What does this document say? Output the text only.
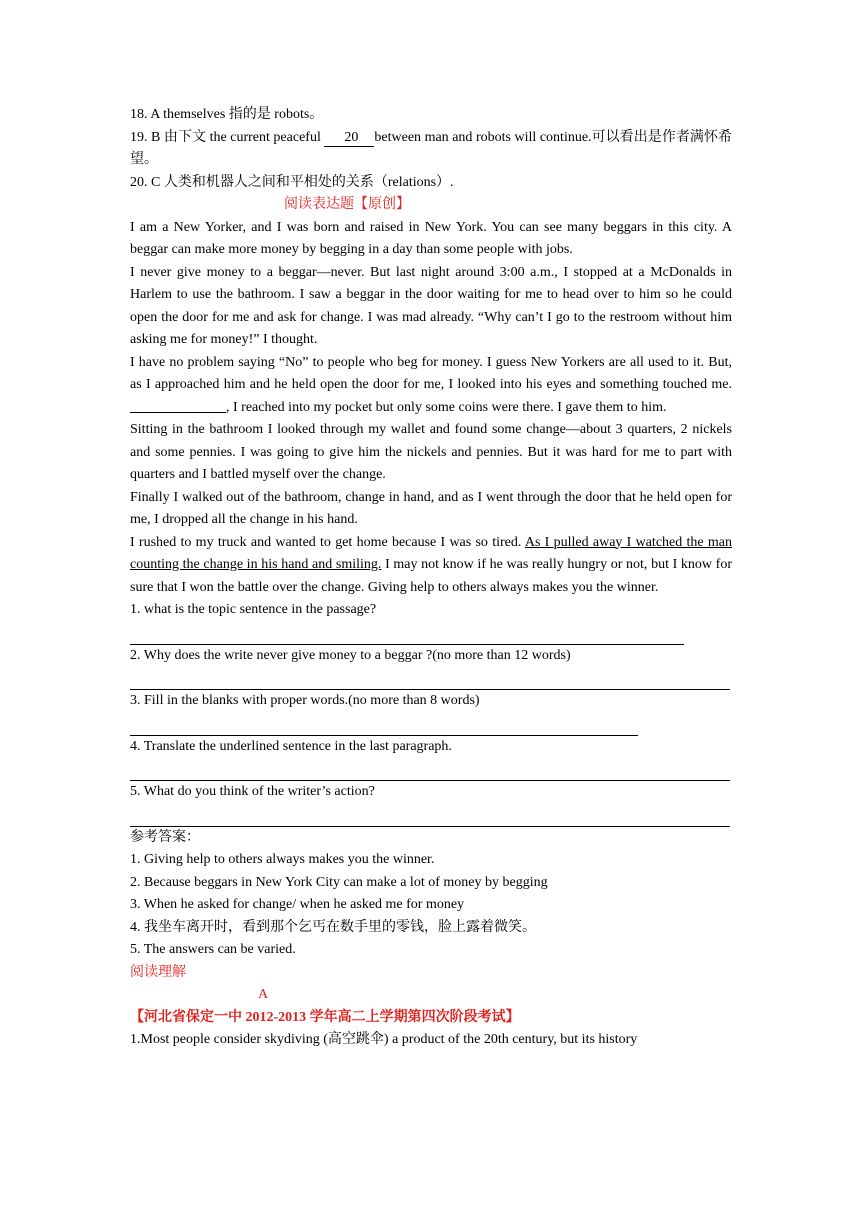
18. A themselves 指的是 robots。

19. B 由下文 the current peaceful 20 between man and robots will continue.可以看出是作者满怀希望。

20. C 人类和机器人之间和平相处的关系（relations）.

阅读表达题【原创】

I am a New Yorker, and I was born and raised in New York. You can see many beggars in this city. A beggar can make more money by begging in a day than some people with jobs.

I never give money to a beggar—never. But last night around 3:00 a.m., I stopped at a McDonalds in Harlem to use the bathroom. I saw a beggar in the door waiting for me to head over to him so he could open the door for me and ask for change. I was mad already. “Why can’t I go to the restroom without him asking me for money!” I thought.

I have no problem saying “No” to people who beg for money. I guess New Yorkers are all used to it. But, as I approached him and he held open the door for me, I looked into his eyes and something touched me., I reached into my pocket but only some coins were there. I gave them to him.

Sitting in the bathroom I looked through my wallet and found some change—about 3 quarters, 2 nickels and some pennies. I was going to give him the nickels and pennies. But it was hard for me to part with quarters and I battled myself over the change.

Finally I walked out of the bathroom, change in hand, and as I went through the door that he held open for me, I dropped all the change in his hand.

I rushed to my truck and wanted to get home because I was so tired. As I pulled away I watched the man counting the change in his hand and smiling. I may not know if he was really hungry or not, but I know for sure that I won the battle over the change. Giving help to others always makes you the winner.

1. what is the topic sentence in the passage?

2. Why does the write never give money to a beggar ?(no more than 12 words)

3. Fill in the blanks with proper words.(no more than 8 words)

4. Translate the underlined sentence in the last paragraph.

5. What do you think of the writer’s action?

参考答案：

1. Giving help to others always makes you the winner.

2. Because beggars in New York City can make a lot of money by begging

3. When he asked for change/ when he asked me for money

4. 我坐车离开时，看到那个乞丐在数手里的零钱，脸上露着微笑。

5. The answers can be varied.

阅读理解

A

【河北省保定一中 2012-2013 学年高二上学期第四次阶段考试】

1.Most people consider skydiving (高空跳伞) a product of the 20th century, but its history
